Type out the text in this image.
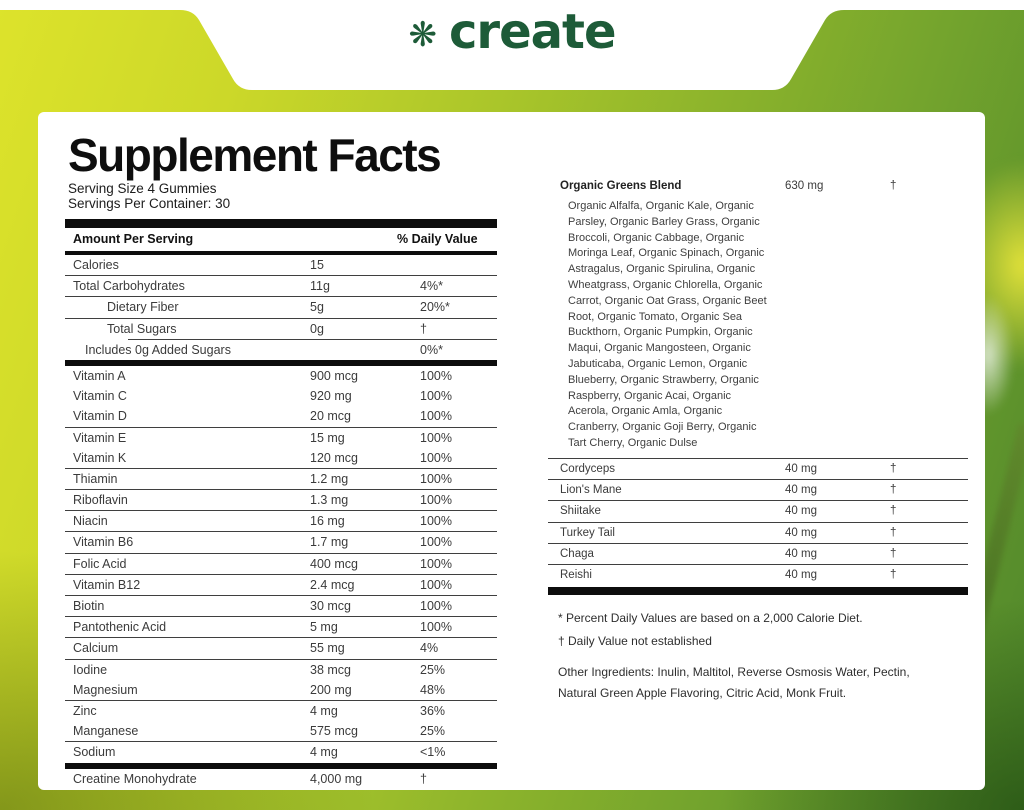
❋ create
Supplement Facts
Serving Size 4 Gummies
Servings Per Container: 30
Amount Per Serving	% Daily Value
Calories	15
Total Carbohydrates	11g	4%*
Dietary Fiber	5g	20%*
Total Sugars	0g	†
Includes 0g Added Sugars	0%*
Vitamin A	900 mcg	100%
Vitamin C	920 mg	100%
Vitamin D	20 mcg	100%
Vitamin E	15 mg	100%
Vitamin K	120 mcg	100%
Thiamin	1.2 mg	100%
Riboflavin	1.3 mg	100%
Niacin	16 mg	100%
Vitamin B6	1.7 mg	100%
Folic Acid	400 mcg	100%
Vitamin B12	2.4 mcg	100%
Biotin	30 mcg	100%
Pantothenic Acid	5 mg	100%
Calcium	55 mg	4%
Iodine	38 mcg	25%
Magnesium	200 mg	48%
Zinc	4 mg	36%
Manganese	575 mcg	25%
Sodium	4 mg	<1%
Creatine Monohydrate	4,000 mg	†
Organic Greens Blend	630 mg	†
Organic Alfalfa, Organic Kale, Organic
Parsley, Organic Barley Grass, Organic
Broccoli, Organic Cabbage, Organic
Moringa Leaf, Organic Spinach, Organic
Astragalus, Organic Spirulina, Organic
Wheatgrass, Organic Chlorella, Organic
Carrot, Organic Oat Grass, Organic Beet
Root, Organic Tomato, Organic Sea
Buckthorn, Organic Pumpkin, Organic
Maqui, Organic Mangosteen, Organic
Jabuticaba, Organic Lemon, Organic
Blueberry, Organic Strawberry, Organic
Raspberry, Organic Acai, Organic
Acerola, Organic Amla, Organic
Cranberry, Organic Goji Berry, Organic
Tart Cherry, Organic Dulse
Cordyceps	40 mg	†
Lion's Mane	40 mg	†
Shiitake	40 mg	†
Turkey Tail	40 mg	†
Chaga	40 mg	†
Reishi	40 mg	†
* Percent Daily Values are based on a 2,000 Calorie Diet.
† Daily Value not established
Other Ingredients: Inulin, Maltitol, Reverse Osmosis Water, Pectin,
Natural Green Apple Flavoring, Citric Acid, Monk Fruit.
